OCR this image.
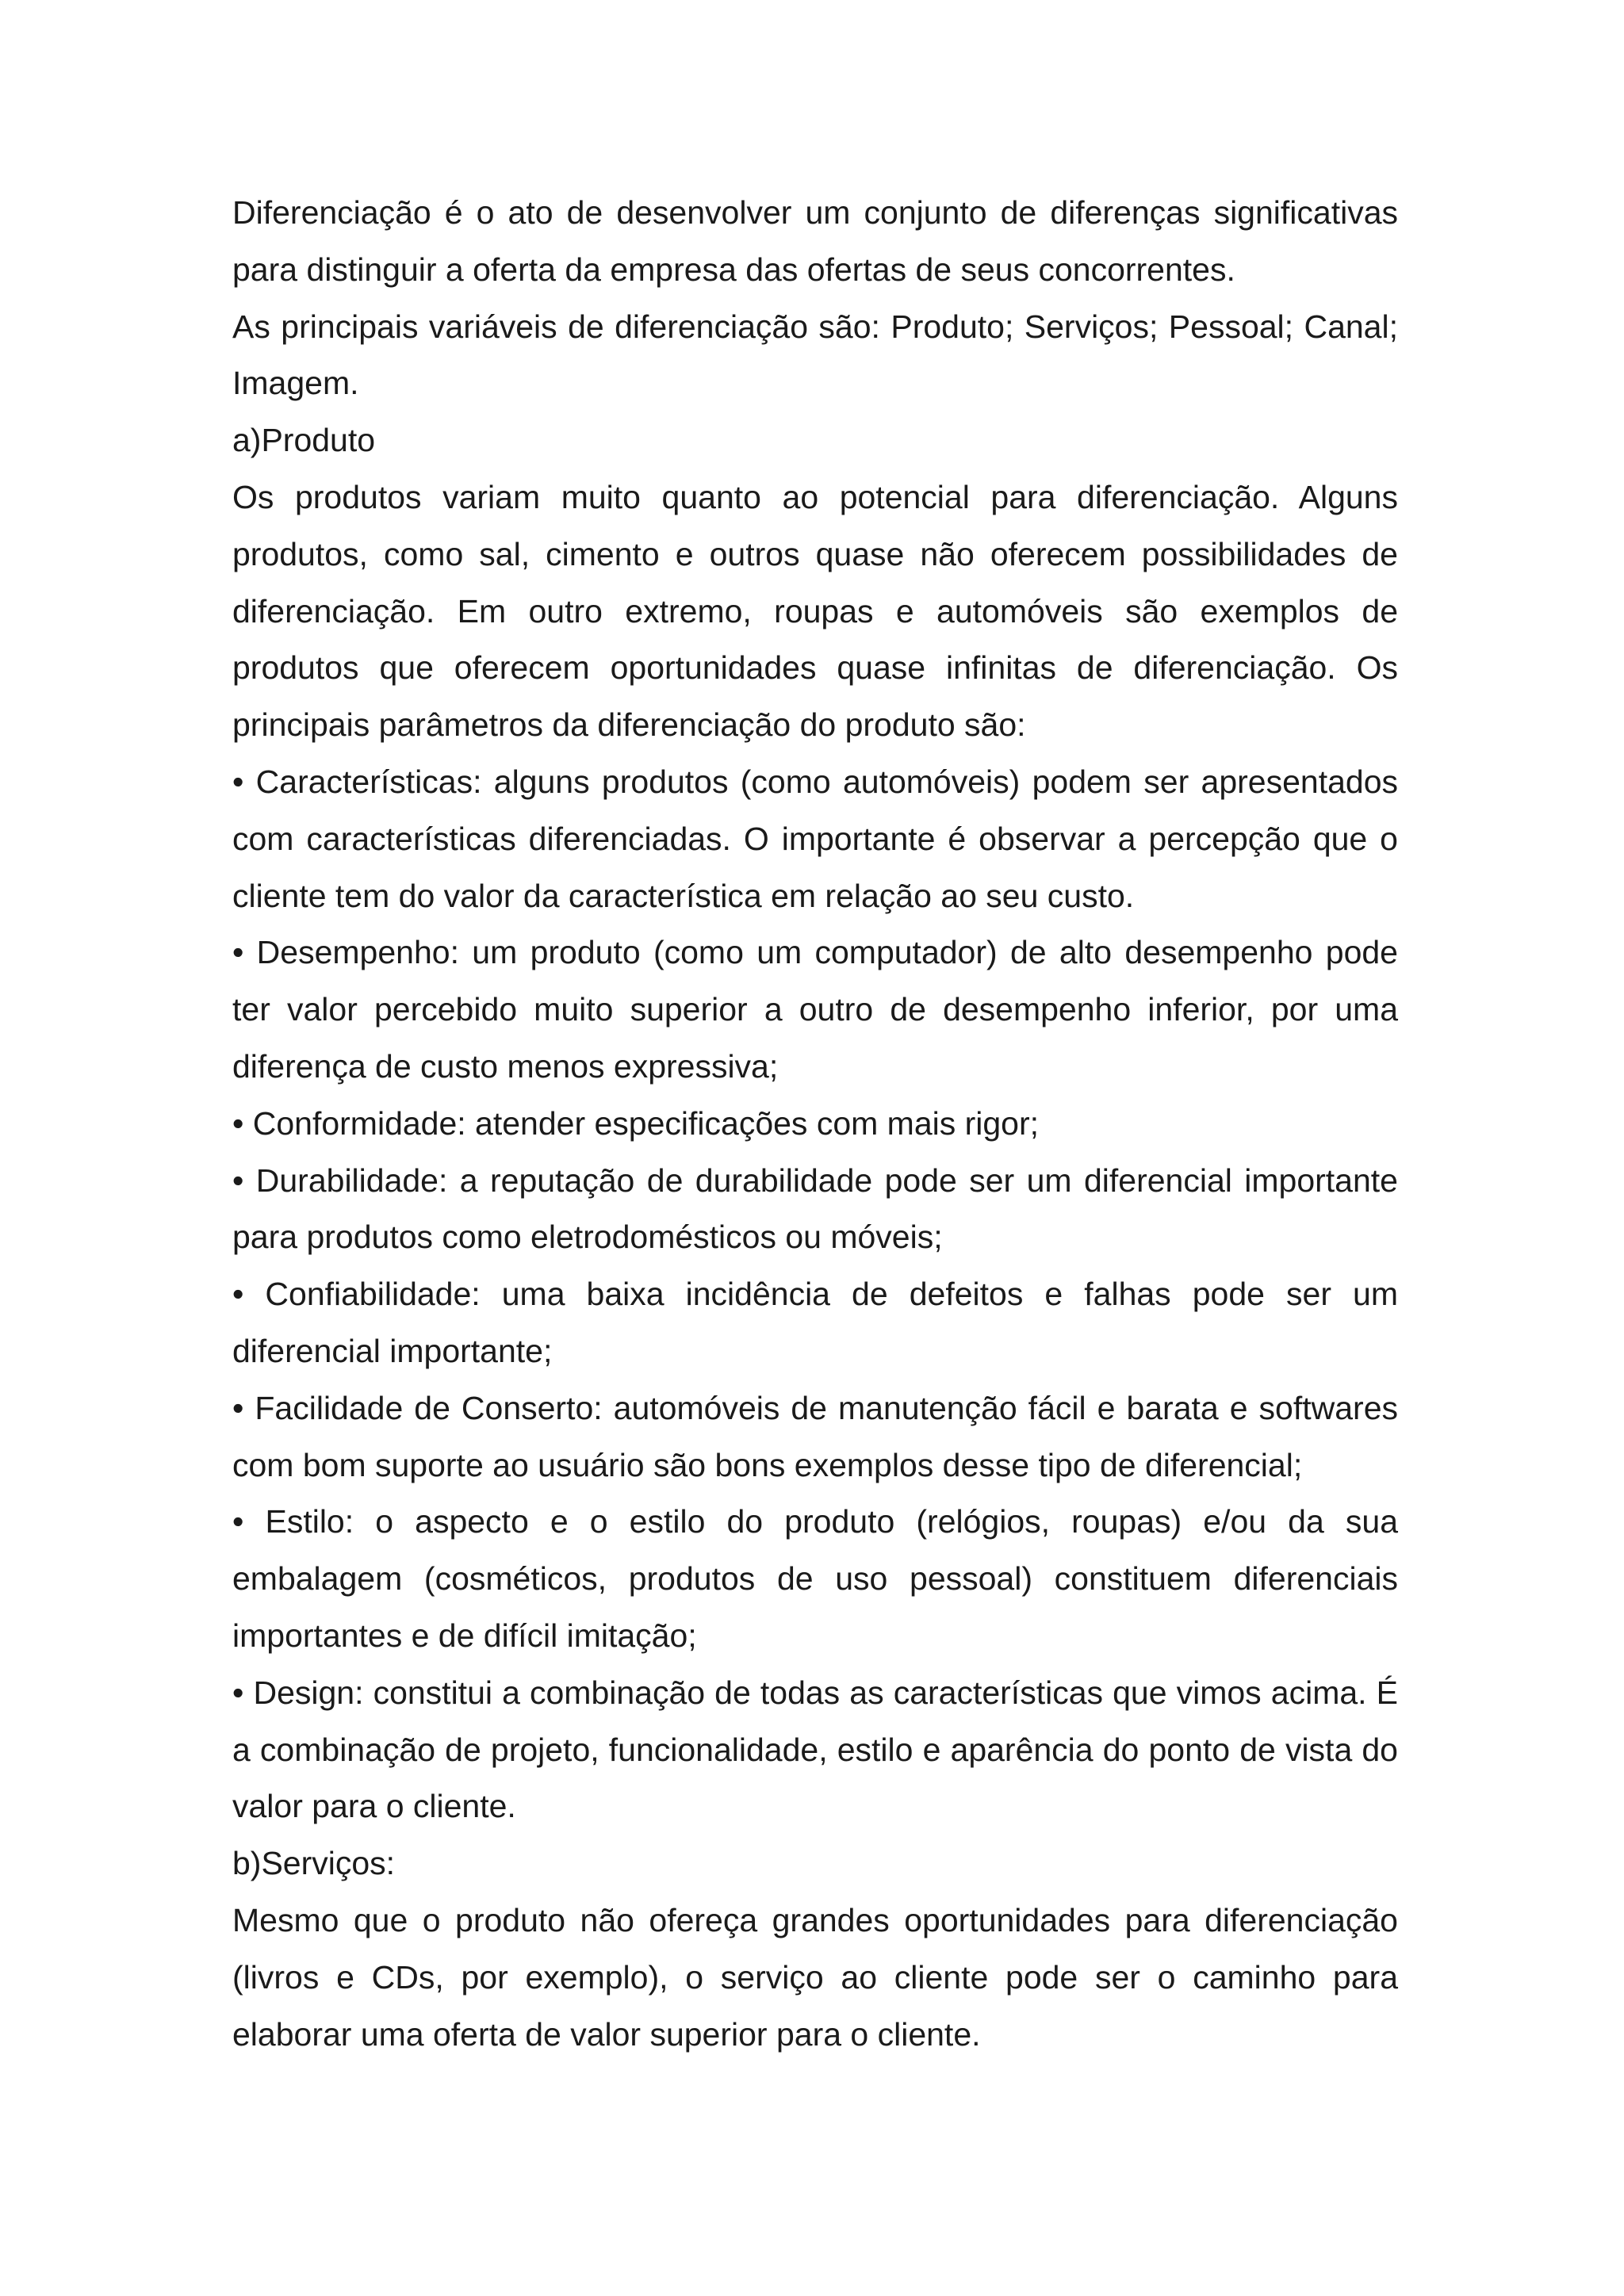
Diferenciação é o ato de desenvolver um conjunto de diferenças significativas para distinguir a oferta da empresa das ofertas de seus concorrentes.

As principais variáveis de diferenciação são: Produto; Serviços; Pessoal; Canal; Imagem.

a)Produto

Os produtos variam muito quanto ao potencial para diferenciação. Alguns produtos, como sal, cimento e outros quase não oferecem possibilidades de diferenciação. Em outro extremo, roupas e automóveis são exemplos de produtos que oferecem oportunidades quase infinitas de diferenciação. Os principais parâmetros da diferenciação do produto são:

• Características: alguns produtos (como automóveis) podem ser apresentados com características diferenciadas. O importante é observar a percepção que o cliente tem do valor da característica em relação ao seu custo.

• Desempenho: um produto (como um computador) de alto desempenho pode ter valor percebido muito superior a outro de desempenho inferior, por uma diferença de custo menos expressiva;

• Conformidade: atender especificações com mais rigor;

• Durabilidade: a reputação de durabilidade pode ser um diferencial importante para produtos como eletrodomésticos ou móveis;

• Confiabilidade: uma baixa incidência de defeitos e falhas pode ser um diferencial importante;

• Facilidade de Conserto: automóveis de manutenção fácil e barata e softwares com bom suporte ao usuário são bons exemplos desse tipo de diferencial;

• Estilo: o aspecto e o estilo do produto (relógios, roupas) e/ou da sua embalagem (cosméticos, produtos de uso pessoal) constituem diferenciais importantes e de difícil imitação;

• Design: constitui a combinação de todas as características que vimos acima. É a combinação de projeto, funcionalidade, estilo e aparência do ponto de vista do valor para o cliente.

b)Serviços:

Mesmo que o produto não ofereça grandes oportunidades para diferenciação (livros e CDs, por exemplo), o serviço ao cliente pode ser o caminho para elaborar uma oferta de valor superior para o cliente.
